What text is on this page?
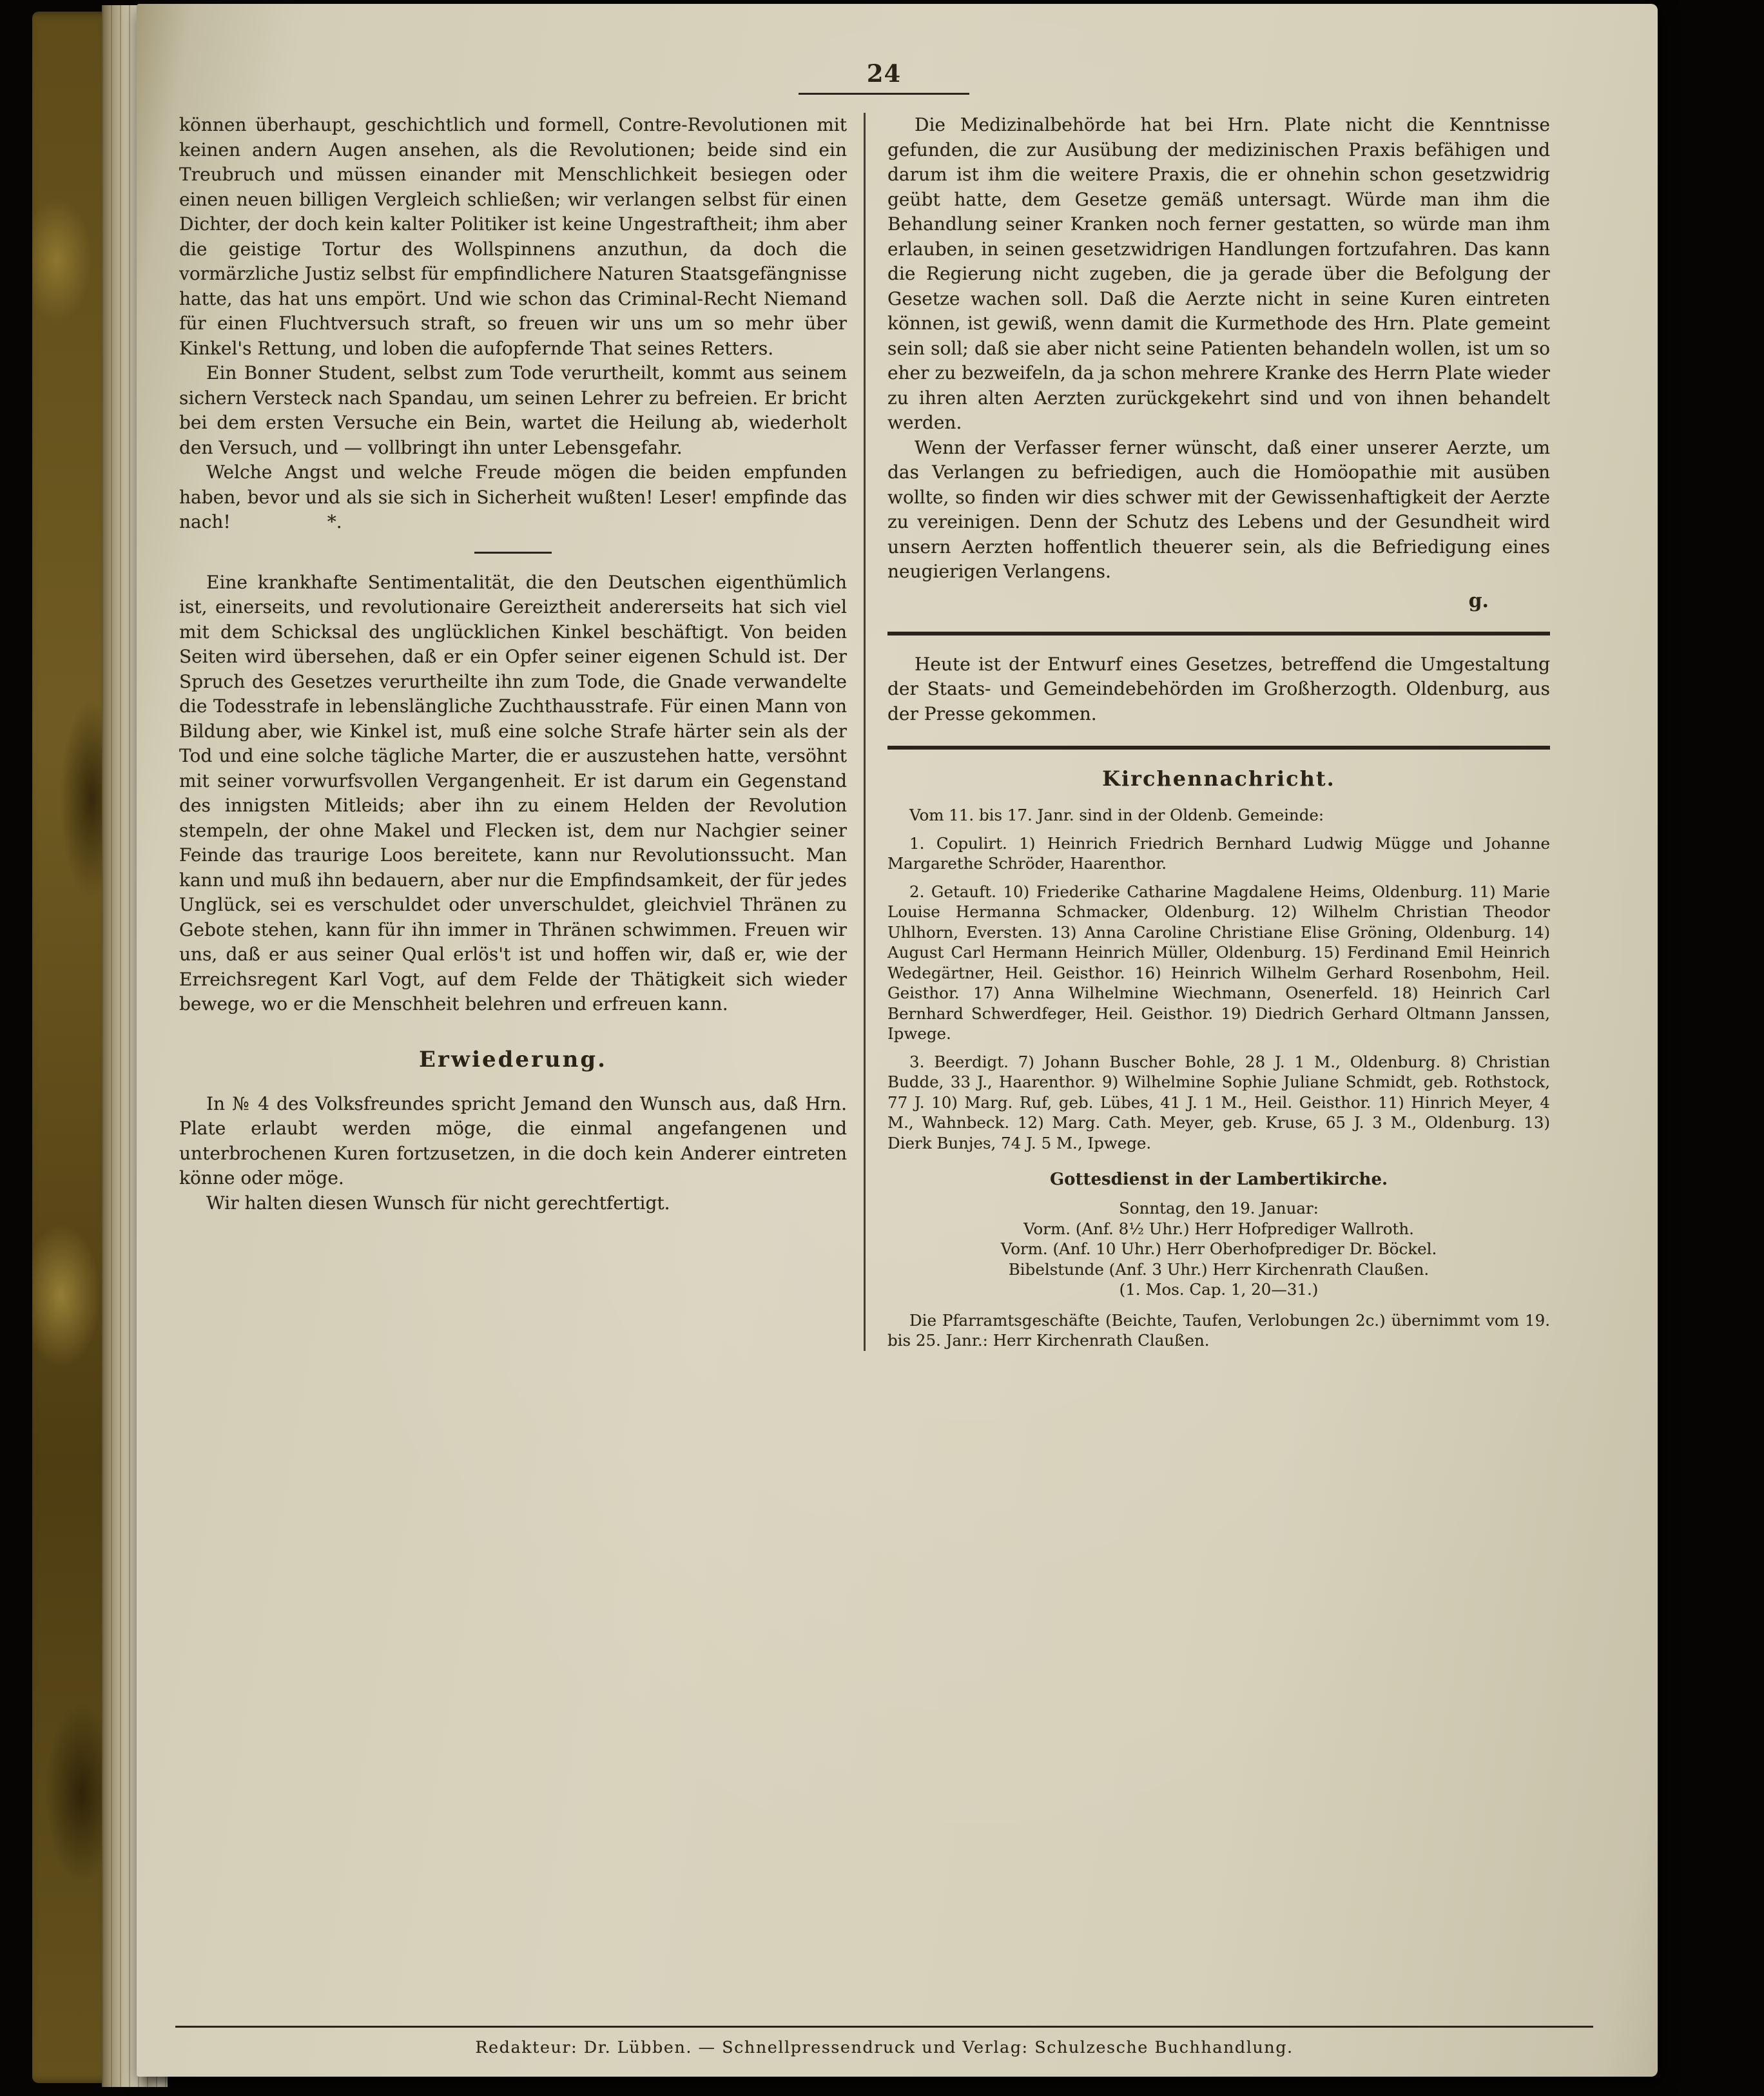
24

können überhaupt, geschichtlich und formell, Contre-Revolutionen mit keinen andern Augen ansehen, als die Revolutionen; beide sind ein Treubruch und müssen einander mit Menschlichkeit besiegen oder einen neuen billigen Vergleich schließen; wir verlangen selbst für einen Dichter, der doch kein kalter Politiker ist keine Ungestraftheit; ihm aber die geistige Tortur des Wollspinnens anzuthun, da doch die vormärzliche Justiz selbst für empfindlichere Naturen Staatsgefängnisse hatte, das hat uns empört. Und wie schon das Criminal-Recht Niemand für einen Fluchtversuch straft, so freuen wir uns um so mehr über Kinkel's Rettung, und loben die aufopfernde That seines Retters.

Ein Bonner Student, selbst zum Tode verurtheilt, kommt aus seinem sichern Versteck nach Spandau, um seinen Lehrer zu befreien. Er bricht bei dem ersten Versuche ein Bein, wartet die Heilung ab, wiederholt den Versuch, und — vollbringt ihn unter Lebensgefahr.

Welche Angst und welche Freude mögen die beiden empfunden haben, bevor und als sie sich in Sicherheit wußten! Leser! empfinde das nach!	*.

Eine krankhafte Sentimentalität, die den Deutschen eigenthümlich ist, einerseits, und revolutionaire Gereiztheit andererseits hat sich viel mit dem Schicksal des unglücklichen Kinkel beschäftigt. Von beiden Seiten wird übersehen, daß er ein Opfer seiner eigenen Schuld ist. Der Spruch des Gesetzes verurtheilte ihn zum Tode, die Gnade verwandelte die Todesstrafe in lebenslängliche Zuchthausstrafe. Für einen Mann von Bildung aber, wie Kinkel ist, muß eine solche Strafe härter sein als der Tod und eine solche tägliche Marter, die er auszustehen hatte, versöhnt mit seiner vorwurfsvollen Vergangenheit. Er ist darum ein Gegenstand des innigsten Mitleids; aber ihn zu einem Helden der Revolution stempeln, der ohne Makel und Flecken ist, dem nur Nachgier seiner Feinde das traurige Loos bereitete, kann nur Revolutionssucht. Man kann und muß ihn bedauern, aber nur die Empfindsamkeit, der für jedes Unglück, sei es verschuldet oder unverschuldet, gleichviel Thränen zu Gebote stehen, kann für ihn immer in Thränen schwimmen. Freuen wir uns, daß er aus seiner Qual erlös't ist und hoffen wir, daß er, wie der Erreichsregent Karl Vogt, auf dem Felde der Thätigkeit sich wieder bewege, wo er die Menschheit belehren und erfreuen kann.

Erwiederung.

In № 4 des Volksfreundes spricht Jemand den Wunsch aus, daß Hrn. Plate erlaubt werden möge, die einmal angefangenen und unterbrochenen Kuren fortzusetzen, in die doch kein Anderer eintreten könne oder möge.

Wir halten diesen Wunsch für nicht gerechtfertigt.

Die Medizinalbehörde hat bei Hrn. Plate nicht die Kenntnisse gefunden, die zur Ausübung der medizinischen Praxis befähigen und darum ist ihm die weitere Praxis, die er ohnehin schon gesetzwidrig geübt hatte, dem Gesetze gemäß untersagt. Würde man ihm die Behandlung seiner Kranken noch ferner gestatten, so würde man ihm erlauben, in seinen gesetzwidrigen Handlungen fortzufahren. Das kann die Regierung nicht zugeben, die ja gerade über die Befolgung der Gesetze wachen soll. Daß die Aerzte nicht in seine Kuren eintreten können, ist gewiß, wenn damit die Kurmethode des Hrn. Plate gemeint sein soll; daß sie aber nicht seine Patienten behandeln wollen, ist um so eher zu bezweifeln, da ja schon mehrere Kranke des Herrn Plate wieder zu ihren alten Aerzten zurückgekehrt sind und von ihnen behandelt werden.

Wenn der Verfasser ferner wünscht, daß einer unserer Aerzte, um das Verlangen zu befriedigen, auch die Homöopathie mit ausüben wollte, so finden wir dies schwer mit der Gewissenhaftigkeit der Aerzte zu vereinigen. Denn der Schutz des Lebens und der Gesundheit wird unsern Aerzten hoffentlich theuerer sein, als die Befriedigung eines neugierigen Verlangens.

g.

Heute ist der Entwurf eines Gesetzes, betreffend die Umgestaltung der Staats- und Gemeindebehörden im Großherzogth. Oldenburg, aus der Presse gekommen.

Kirchennachricht.

Vom 11. bis 17. Janr. sind in der Oldenb. Gemeinde:

1. Copulirt. 1) Heinrich Friedrich Bernhard Ludwig Mügge und Johanne Margarethe Schröder, Haarenthor.

2. Getauft. 10) Friederike Catharine Magdalene Heims, Oldenburg. 11) Marie Louise Hermanna Schmacker, Oldenburg. 12) Wilhelm Christian Theodor Uhlhorn, Eversten. 13) Anna Caroline Christiane Elise Gröning, Oldenburg. 14) August Carl Hermann Heinrich Müller, Oldenburg. 15) Ferdinand Emil Heinrich Wedegärtner, Heil. Geisthor. 16) Heinrich Wilhelm Gerhard Rosenbohm, Heil. Geisthor. 17) Anna Wilhelmine Wiechmann, Osenerfeld. 18) Heinrich Carl Bernhard Schwerdfeger, Heil. Geisthor. 19) Diedrich Gerhard Oltmann Janssen, Ipwege.

3. Beerdigt. 7) Johann Buscher Bohle, 28 J. 1 M., Oldenburg. 8) Christian Budde, 33 J., Haarenthor. 9) Wilhelmine Sophie Juliane Schmidt, geb. Rothstock, 77 J. 10) Marg. Ruf, geb. Lübes, 41 J. 1 M., Heil. Geisthor. 11) Hinrich Meyer, 4 M., Wahnbeck. 12) Marg. Cath. Meyer, geb. Kruse, 65 J. 3 M., Oldenburg. 13) Dierk Bunjes, 74 J. 5 M., Ipwege.

Gottesdienst in der Lambertikirche.

Sonntag, den 19. Januar:

Vorm. (Anf. 8½ Uhr.) Herr Hofprediger Wallroth.

Vorm. (Anf. 10 Uhr.) Herr Oberhofprediger Dr. Böckel.

Bibelstunde (Anf. 3 Uhr.) Herr Kirchenrath Claußen.

(1. Mos. Cap. 1, 20—31.)

Die Pfarramtsgeschäfte (Beichte, Taufen, Verlobungen 2c.) übernimmt vom 19. bis 25. Janr.: Herr Kirchenrath Claußen.

Redakteur: Dr. Lübben. — Schnellpressendruck und Verlag: Schulzesche Buchhandlung.
